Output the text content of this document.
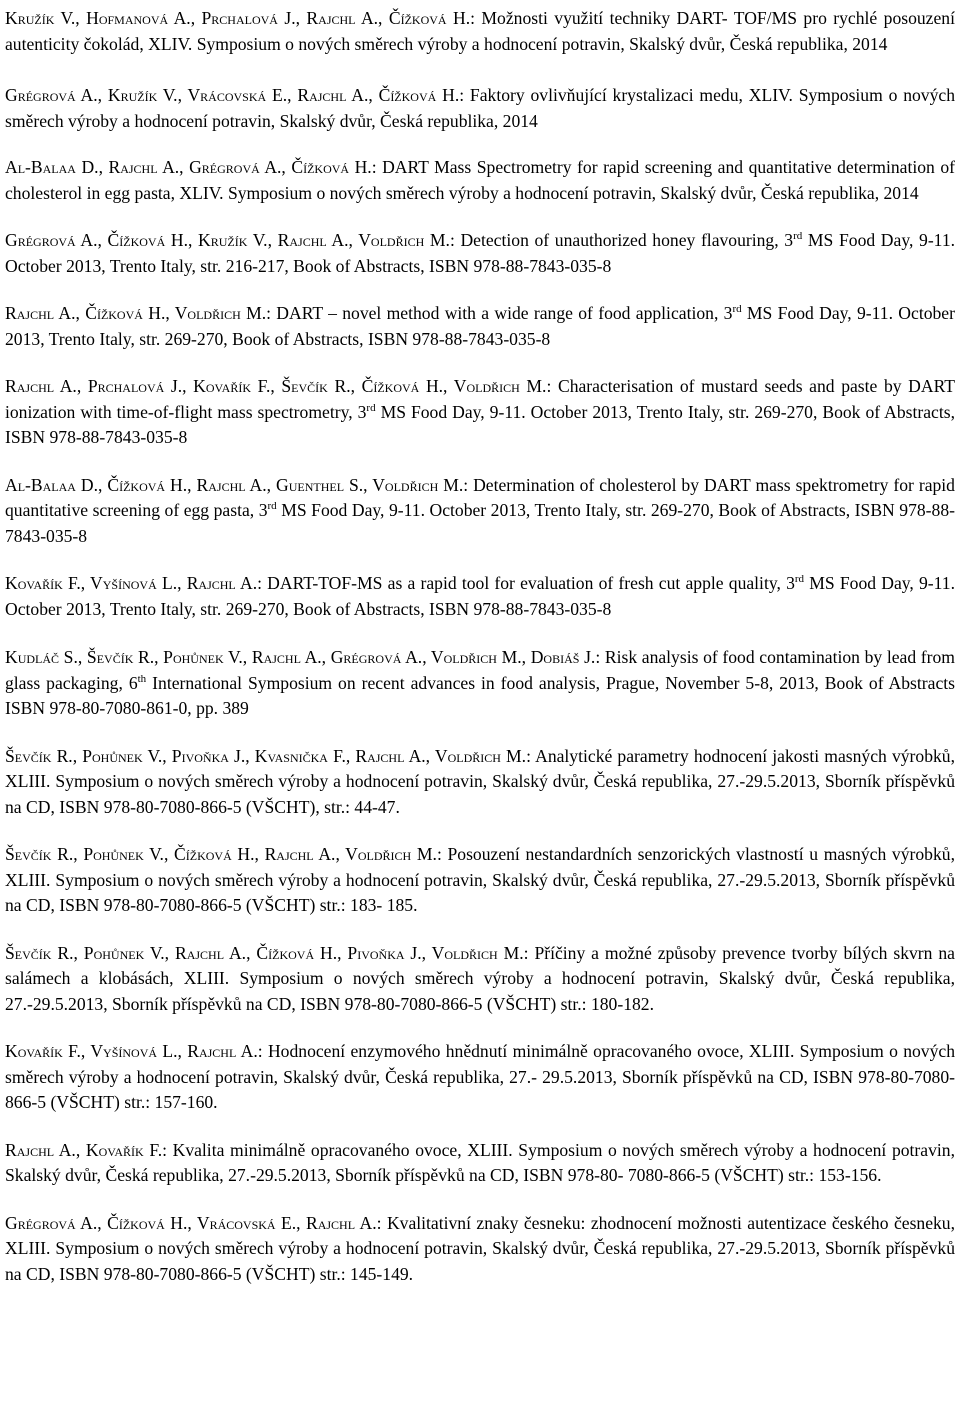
Kružík V., Hofmanová A., Prchalová J., Rajchl A., Čížková H.: Možnosti využití techniky DART- TOF/MS pro rychlé posouzení autenticity čokolád, XLIV. Symposium o nových směrech výroby a hodnocení potravin, Skalský dvůr, Česká republika, 2014

Grégrová A., Kružík V., Vrácovská E., Rajchl A., Čížková H.: Faktory ovlivňující krystalizaci medu, XLIV. Symposium o nových směrech výroby a hodnocení potravin, Skalský dvůr, Česká republika, 2014

Al-Balaa D., Rajchl A., Grégrová A., Čížková H.: DART Mass Spectrometry for rapid screening and quantitative determination of cholesterol in egg pasta, XLIV. Symposium o nových směrech výroby a hodnocení potravin, Skalský dvůr, Česká republika, 2014

Grégrová A., Čížková H., Kružík V., Rajchl A., Voldřich M.: Detection of unauthorized honey flavouring, 3rd MS Food Day, 9-11. October 2013, Trento Italy, str. 216-217, Book of Abstracts, ISBN 978-88-7843-035-8

Rajchl A., Čížková H., Voldřich M.: DART – novel method with a wide range of food application, 3rd MS Food Day, 9-11. October 2013, Trento Italy, str. 269-270, Book of Abstracts, ISBN 978-88-7843-035-8

Rajchl A., Prchalová J., Kovařík F., Ševčík R., Čížková H., Voldřich M.: Characterisation of mustard seeds and paste by DART ionization with time-of-flight mass spectrometry, 3rd MS Food Day, 9-11. October 2013, Trento Italy, str. 269-270, Book of Abstracts, ISBN 978-88-7843-035-8

Al-Balaa D., Čížková H., Rajchl A., Guenthel S., Voldřich M.: Determination of cholesterol by DART mass spektrometry for rapid quantitative screening of egg pasta, 3rd MS Food Day, 9-11. October 2013, Trento Italy, str. 269-270, Book of Abstracts, ISBN 978-88-7843-035-8

Kovařík F., Vyšínová L., Rajchl A.: DART-TOF-MS as a rapid tool for evaluation of fresh cut apple quality, 3rd MS Food Day, 9-11. October 2013, Trento Italy, str. 269-270, Book of Abstracts, ISBN 978-88-7843-035-8

Kudláč S., Ševčík R., Pohůnek V., Rajchl A., Grégrová A., Voldřich M., Dobiáš J.: Risk analysis of food contamination by lead from glass packaging, 6th International Symposium on recent advances in food analysis, Prague, November 5-8, 2013, Book of Abstracts ISBN 978-80-7080-861-0, pp. 389

Ševčík R., Pohůnek V., Pivoňka J., Kvasnička F., Rajchl A., Voldřich M.: Analytické parametry hodnocení jakosti masných výrobků, XLIII. Symposium o nových směrech výroby a hodnocení potravin, Skalský dvůr, Česká republika, 27.-29.5.2013, Sborník příspěvků na CD, ISBN 978-80-7080-866-5 (VŠCHT), str.: 44-47.

Ševčík R., Pohůnek V., Čížková H., Rajchl A., Voldřich M.: Posouzení nestandardních senzorických vlastností u masných výrobků, XLIII. Symposium o nových směrech výroby a hodnocení potravin, Skalský dvůr, Česká republika, 27.-29.5.2013, Sborník příspěvků na CD, ISBN 978-80-7080-866-5 (VŠCHT) str.: 183- 185.

Ševčík R., Pohůnek V., Rajchl A., Čížková H., Pivoňka J., Voldřich M.: Příčiny a možné způsoby prevence tvorby bílých skvrn na salámech a klobásách, XLIII. Symposium o nových směrech výroby a hodnocení potravin, Skalský dvůr, Česká republika, 27.-29.5.2013, Sborník příspěvků na CD, ISBN 978-80-7080-866-5 (VŠCHT) str.: 180-182.

Kovařík F., Vyšínová L., Rajchl A.: Hodnocení enzymového hnědnutí minimálně opracovaného ovoce, XLIII. Symposium o nových směrech výroby a hodnocení potravin, Skalský dvůr, Česká republika, 27.- 29.5.2013, Sborník příspěvků na CD, ISBN 978-80-7080-866-5 (VŠCHT) str.: 157-160.

Rajchl A., Kovařík F.: Kvalita minimálně opracovaného ovoce, XLIII. Symposium o nových směrech výroby a hodnocení potravin, Skalský dvůr, Česká republika, 27.-29.5.2013, Sborník příspěvků na CD, ISBN 978-80- 7080-866-5 (VŠCHT) str.: 153-156.

Grégrová A., Čížková H., Vrácovská E., Rajchl A.: Kvalitativní znaky česneku: zhodnocení možnosti autentizace českého česneku, XLIII. Symposium o nových směrech výroby a hodnocení potravin, Skalský dvůr, Česká republika, 27.-29.5.2013, Sborník příspěvků na CD, ISBN 978-80-7080-866-5 (VŠCHT) str.: 145-149.
